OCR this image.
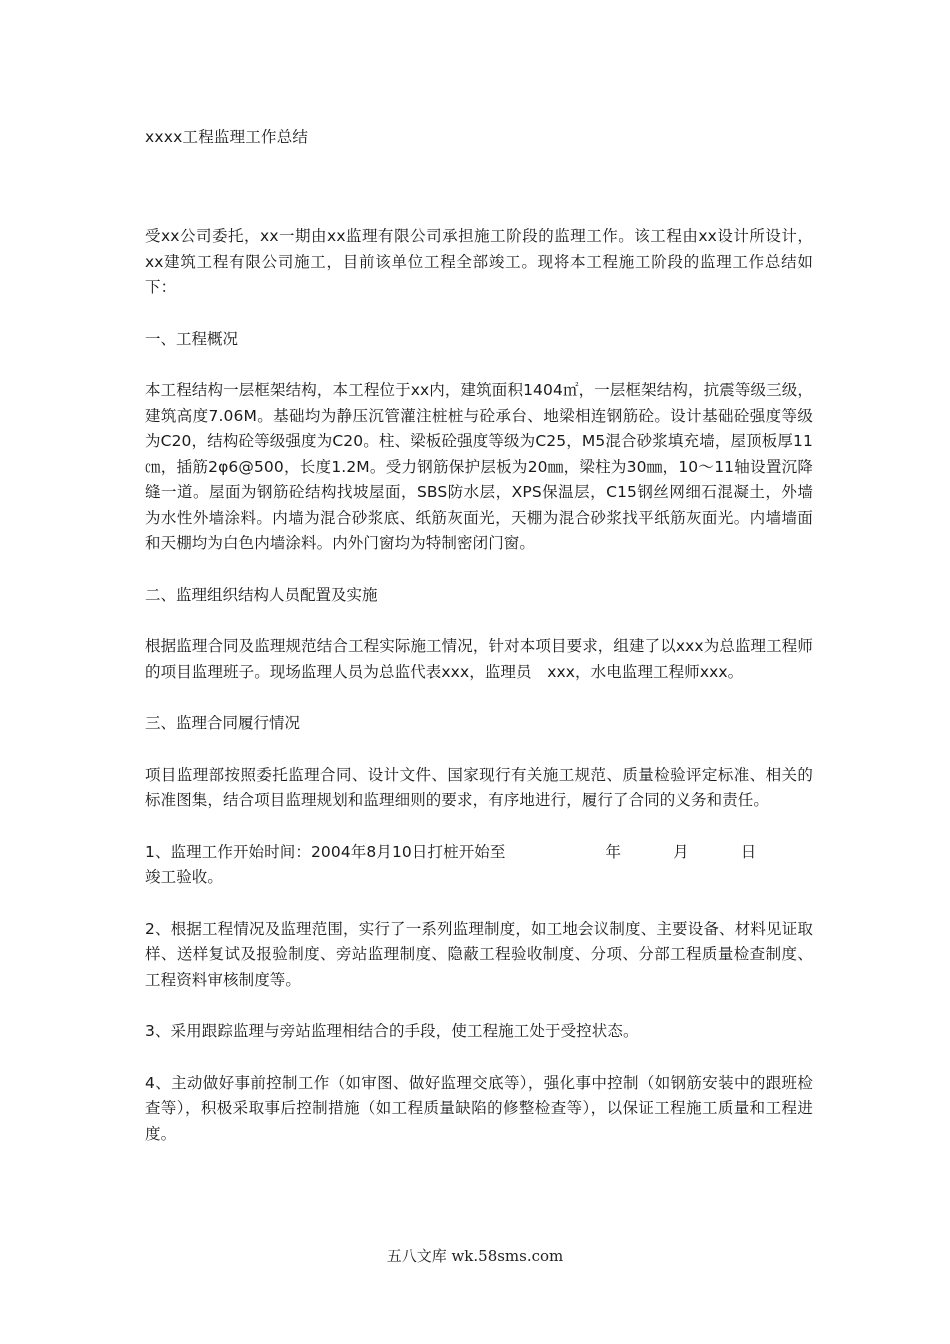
xxxx工程监理工作总结

受xx公司委托，xx一期由xx监理有限公司承担施工阶段的监理工作。该工程由xx设计所设计，xx建筑工程有限公司施工，目前该单位工程全部竣工。现将本工程施工阶段的监理工作总结如下：

一、工程概况

本工程结构一层框架结构，本工程位于xx内，建筑面积1404㎡，一层框架结构，抗震等级三级，建筑高度7.06M。基础均为静压沉管灌注桩桩与砼承台、地梁相连钢筋砼。设计基础砼强度等级为C20，结构砼等级强度为C20。柱、梁板砼强度等级为C25，M5混合砂浆填充墙，屋顶板厚11㎝，插筋2φ6@500，长度1.2M。受力钢筋保护层板为20㎜，梁柱为30㎜，10～11轴设置沉降缝一道。屋面为钢筋砼结构找坡屋面，SBS防水层，XPS保温层，C15钢丝网细石混凝土，外墙为水性外墙涂料。内墙为混合砂浆底、纸筋灰面光，天棚为混合砂浆找平纸筋灰面光。内墙墙面和天棚均为白色内墙涂料。内外门窗均为特制密闭门窗。

二、监理组织结构人员配置及实施

根据监理合同及监理规范结合工程实际施工情况，针对本项目要求，组建了以xxx为总监理工程师的项目监理班子。现场监理人员为总监代表xxx，监理员　xxx，水电监理工程师xxx。

三、监理合同履行情况

项目监理部按照委托监理合同、设计文件、国家现行有关施工规范、质量检验评定标准、相关的标准图集，结合项目监理规划和监理细则的要求，有序地进行，履行了合同的义务和责任。

1、监理工作开始时间：2004年8月10日打桩开始至	年	月	日
竣工验收。

2、根据工程情况及监理范围，实行了一系列监理制度，如工地会议制度、主要设备、材料见证取样、送样复试及报验制度、旁站监理制度、隐蔽工程验收制度、分项、分部工程质量检查制度、工程资料审核制度等。

3、采用跟踪监理与旁站监理相结合的手段，使工程施工处于受控状态。

4、主动做好事前控制工作（如审图、做好监理交底等），强化事中控制（如钢筋安装中的跟班检查等），积极采取事后控制措施（如工程质量缺陷的修整检查等），以保证工程施工质量和工程进度。

五八文库 wk.58sms.com
